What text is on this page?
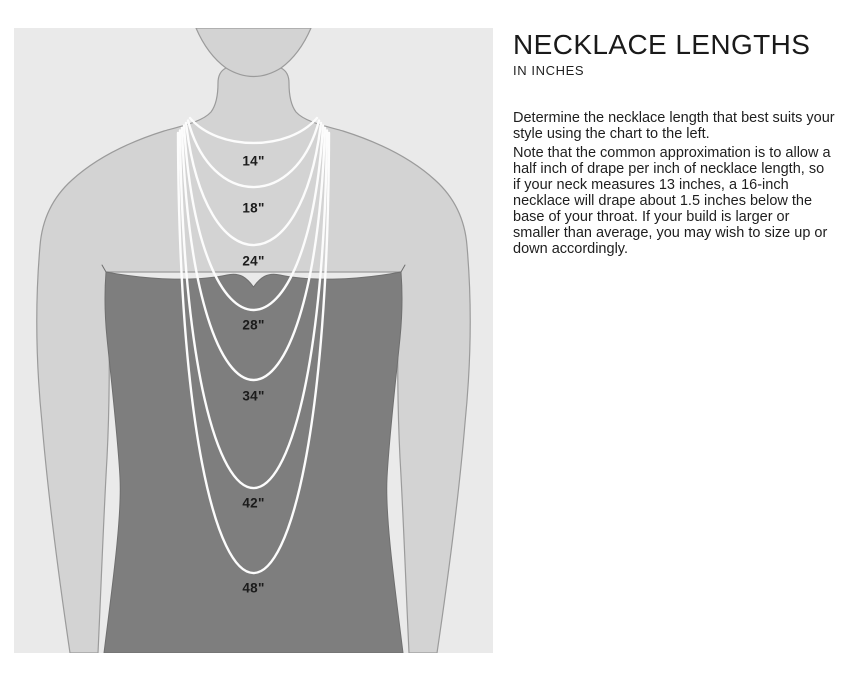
14"
18"
24"
28"
34"
42"
48"
NECKLACE LENGTHS
IN INCHES

Determine the necklace length that best suits your style using the chart to the left.

Note that the common approximation is to allow a half inch of drape per inch of necklace length, so if your neck measures 13 inches, a 16-inch necklace will drape about 1.5 inches below the base of your throat. If your build is larger or smaller than average, you may wish to size up or down accordingly.
